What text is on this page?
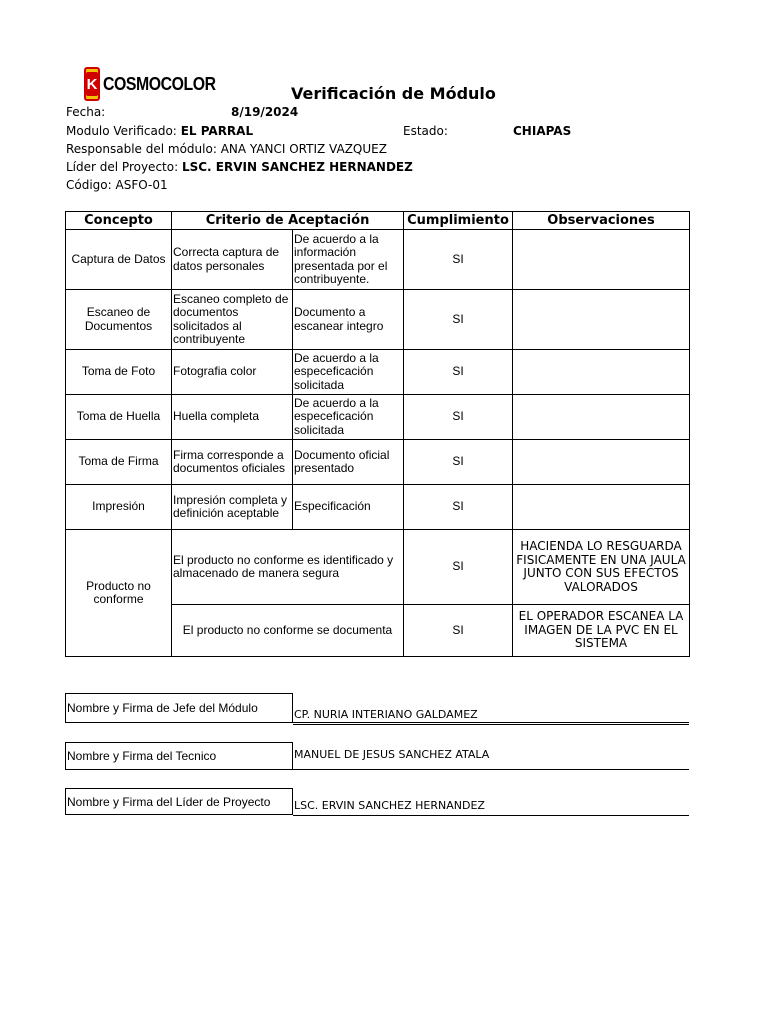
K COSMOCOLOR	Verificación de Módulo
Fecha:	8/19/2024
Modulo Verificado: EL PARRAL	Estado:	CHIAPAS
Responsable del módulo: ANA YANCI ORTIZ VAZQUEZ
Líder del Proyecto: LSC. ERVIN SANCHEZ HERNANDEZ
Código: ASFO-01
Concepto	Criterio de Aceptación		Cumplimiento	Observaciones
Captura de Datos	Correcta captura de datos personales	De acuerdo a la información presentada por el contribuyente.	SI	
Escaneo de Documentos	Escaneo completo de documentos solicitados al contribuyente	Documento a escanear integro	SI	
Toma de Foto	Fotografia color	De acuerdo a la especeficación solicitada	SI	
Toma de Huella	Huella completa	De acuerdo a la especeficación solicitada	SI	
Toma de Firma	Firma corresponde a documentos oficiales	Documento oficial presentado	SI	
Impresión	Impresión completa y definición aceptable	Especificación	SI	
Producto no conforme	El producto no conforme es identificado y almacenado de manera segura		SI	HACIENDA LO RESGUARDA FISICAMENTE EN UNA JAULA JUNTO CON SUS EFECTOS VALORADOS
	El producto no conforme se documenta		SI	EL OPERADOR ESCANEA LA IMAGEN DE LA PVC EN EL SISTEMA
Nombre y Firma de Jefe del Módulo	CP. NURIA INTERIANO GALDAMEZ
Nombre y Firma del Tecnico	MANUEL DE JESUS SANCHEZ ATALA
Nombre y Firma del Líder de Proyecto	LSC. ERVIN SANCHEZ HERNANDEZ
